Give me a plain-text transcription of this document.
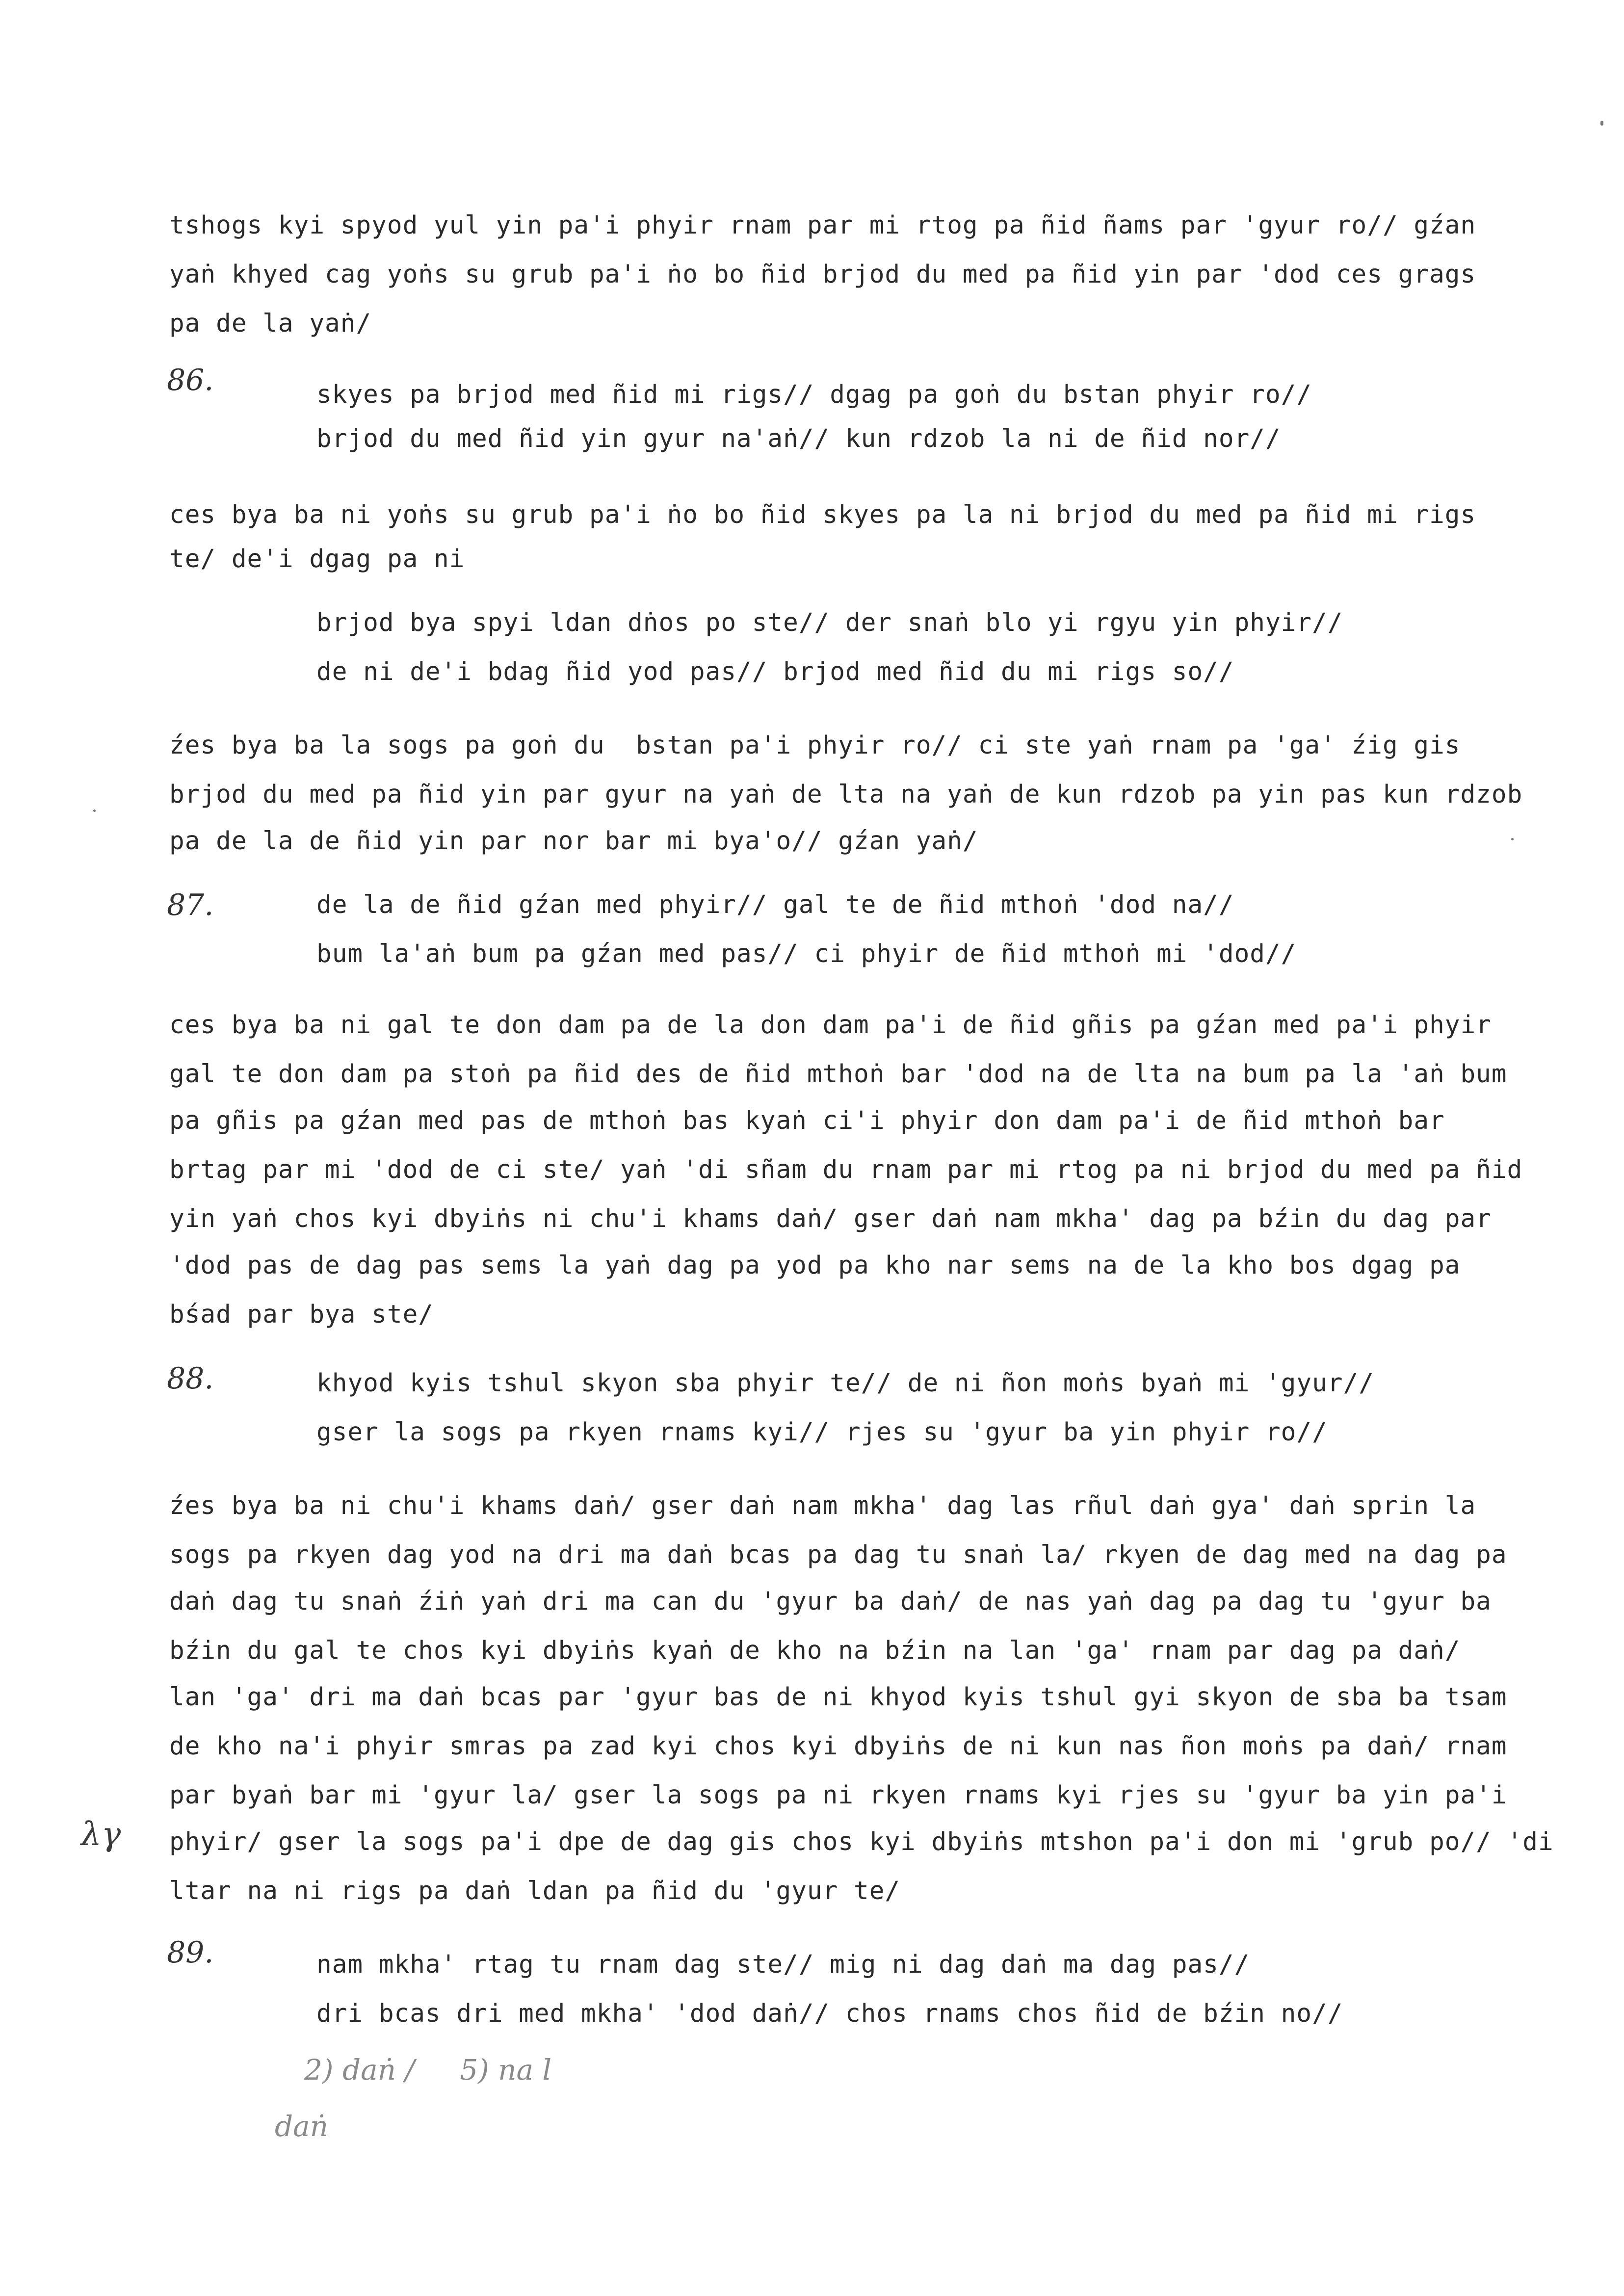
tshogs kyi spyod yul yin pa'i phyir rnam par mi rtog pa ñid ñams par 'gyur ro// gźan
yaṅ khyed cag yoṅs su grub pa'i ṅo bo ñid brjod du med pa ñid yin par 'dod ces grags
pa de la yaṅ/
86.	skyes pa brjod med ñid mi rigs// dgag pa goṅ du bstan phyir ro//
brjod du med ñid yin gyur na'aṅ// kun rdzob la ni de ñid nor//
ces bya ba ni yoṅs su grub pa'i ṅo bo ñid skyes pa la ni brjod du med pa ñid mi rigs
te/ de'i dgag pa ni
brjod bya spyi ldan dṅos po ste// der snaṅ blo yi rgyu yin phyir//
de ni de'i bdag ñid yod pas// brjod med ñid du mi rigs so//
źes bya ba la sogs pa goṅ du  bstan pa'i phyir ro// ci ste yaṅ rnam pa 'ga' źig gis
brjod du med pa ñid yin par gyur na yaṅ de lta na yaṅ de kun rdzob pa yin pas kun rdzob
pa de la de ñid yin par nor bar mi bya'o// gźan yaṅ/
87.	de la de ñid gźan med phyir// gal te de ñid mthoṅ 'dod na//
bum la'aṅ bum pa gźan med pas// ci phyir de ñid mthoṅ mi 'dod//
ces bya ba ni gal te don dam pa de la don dam pa'i de ñid gñis pa gźan med pa'i phyir
gal te don dam pa stoṅ pa ñid des de ñid mthoṅ bar 'dod na de lta na bum pa la 'aṅ bum
pa gñis pa gźan med pas de mthoṅ bas kyaṅ ci'i phyir don dam pa'i de ñid mthoṅ bar
brtag par mi 'dod de ci ste/ yaṅ 'di sñam du rnam par mi rtog pa ni brjod du med pa ñid
yin yaṅ chos kyi dbyiṅs ni chu'i khams daṅ/ gser daṅ nam mkha' dag pa bźin du dag par
'dod pas de dag pas sems la yaṅ dag pa yod pa kho nar sems na de la kho bos dgag pa
bśad par bya ste/
88.	khyod kyis tshul skyon sba phyir te// de ni ñon moṅs byaṅ mi 'gyur//
gser la sogs pa rkyen rnams kyi// rjes su 'gyur ba yin phyir ro//
źes bya ba ni chu'i khams daṅ/ gser daṅ nam mkha' dag las rñul daṅ gya' daṅ sprin la
sogs pa rkyen dag yod na dri ma daṅ bcas pa dag tu snaṅ la/ rkyen de dag med na dag pa
daṅ dag tu snaṅ źiṅ yaṅ dri ma can du 'gyur ba daṅ/ de nas yaṅ dag pa dag tu 'gyur ba
bźin du gal te chos kyi dbyiṅs kyaṅ de kho na bźin na lan 'ga' rnam par dag pa daṅ/
lan 'ga' dri ma daṅ bcas par 'gyur bas de ni khyod kyis tshul gyi skyon de sba ba tsam
de kho na'i phyir smras pa zad kyi chos kyi dbyiṅs de ni kun nas ñon moṅs pa daṅ/ rnam
par byaṅ bar mi 'gyur la/ gser la sogs pa ni rkyen rnams kyi rjes su 'gyur ba yin pa'i
phyir/ gser la sogs pa'i dpe de dag gis chos kyi dbyiṅs mtshon pa'i don mi 'grub po// 'di
ltar na ni rigs pa daṅ ldan pa ñid du 'gyur te/
λγ
89.	nam mkha' rtag tu rnam dag ste// mig ni dag daṅ ma dag pas//
dri bcas dri med mkha' 'dod daṅ// chos rnams chos ñid de bźin no//
2) daṅ /     5) na l
daṅ
